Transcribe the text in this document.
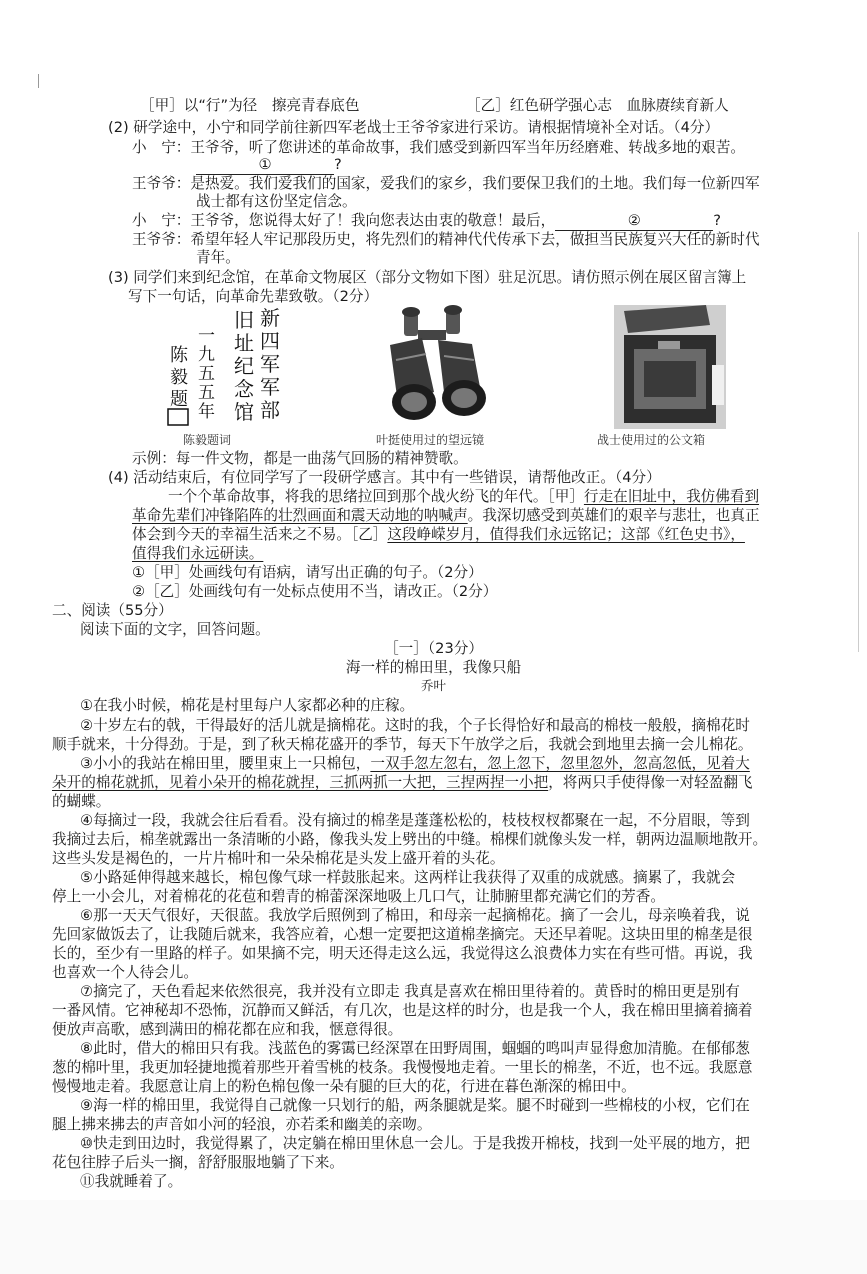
［甲］以“行”为径　擦亮青春底色	［乙］红色研学强心志　血脉赓续育新人
(2) 研学途中，小宁和同学前往新四军老战士王爷爷家进行采访。请根据情境补全对话。（4分）
小　宁：王爷爷，听了您讲述的革命故事，我们感受到新四军当年历经磨难、转战多地的艰苦。
①	?
王爷爷：是热爱。我们爱我们的国家，爱我们的家乡，我们要保卫我们的土地。我们每一位新四军
战士都有这份坚定信念。
小　宁：王爷爷，您说得太好了！我向您表达由衷的敬意！最后，	②	?
王爷爷：希望年轻人牢记那段历史，将先烈们的精神代代传承下去，做担当民族复兴大任的新时代
青年。
(3) 同学们来到纪念馆，在革命文物展区（部分文物如下图）驻足沉思。请仿照示例在展区留言簿上
写下一句话，向革命先辈致敬。（2分）
新
四
军
军
部
旧
址
纪
念
馆
一
九
五
五
年
陈
毅
题
陈毅题词	叶挺使用过的望远镜	战士使用过的公文箱
示例：每一件文物，都是一曲荡气回肠的精神赞歌。
(4) 活动结束后，有位同学写了一段研学感言。其中有一些错误，请帮他改正。（4分）
一个个革命故事，将我的思绪拉回到那个战火纷飞的年代。［甲］行走在旧址中，我仿佛看到
革命先辈们冲锋陷阵的壮烈画面和震天动地的呐喊声。我深切感受到英雄们的艰辛与悲壮，也真正
体会到今天的幸福生活来之不易。［乙］这段峥嵘岁月，值得我们永远铭记；这部《红色史书》，
值得我们永远研读。
①［甲］处画线句有语病，请写出正确的句子。（2分）
②［乙］处画线句有一处标点使用不当，请改正。（2分）
二、阅读（55分）
阅读下面的文字，回答问题。
［一］（23分）
海一样的棉田里，我像只船
乔叶
①在我小时候，棉花是村里每户人家都必种的庄稼。
②十岁左右的戟，干得最好的活儿就是摘棉花。这时的我，个子长得恰好和最高的棉枝一般般，摘棉花时
顺手就来，十分得劲。于是，到了秋天棉花盛开的季节，每天下午放学之后，我就会到地里去摘一会儿棉花。
③小小的我站在棉田里，腰里束上一只棉包，一双手忽左忽右，忽上忽下，忽里忽外，忽高忽低，见着大
朵开的棉花就抓，见着小朵开的棉花就捏，三抓两抓一大把，三捏两捏一小把，将两只手使得像一对轻盈翻飞
的蝴蝶。
④每摘过一段，我就会往后看看。没有摘过的棉垄是蓬蓬松松的，枝枝杈杈都聚在一起，不分眉眼，等到
我摘过去后，棉垄就露出一条清晰的小路，像我头发上劈出的中缝。棉棵们就像头发一样，朝两边温顺地散开。
这些头发是褐色的，一片片棉叶和一朵朵棉花是头发上盛开着的头花。
⑤小路延伸得越来越长，棉包像气球一样鼓胀起来。这两样让我获得了双重的成就感。摘累了，我就会
停上一小会儿，对着棉花的花苞和碧青的棉蕾深深地吸上几口气，让肺腑里都充满它们的芳香。
⑥那一天天气很好，天很蓝。我放学后照例到了棉田，和母亲一起摘棉花。摘了一会儿，母亲唤着我，说
先回家做饭去了，让我随后就来，我答应着，心想一定要把这道棉垄摘完。天还早着呢。这块田里的棉垄是很
长的，至少有一里路的样子。如果摘不完，明天还得走这么远，我觉得这么浪费体力实在有些可惜。再说，我
也喜欢一个人待会儿。
⑦摘完了，天色看起来依然很亮，我并没有立即走 我真是喜欢在棉田里待着的。黄昏时的棉田更是别有
一番风情。它神秘却不恐怖，沉静而又鲜活，有几次，也是这样的时分，也是我一个人，我在棉田里摘着摘着
便放声高歌，感到满田的棉花都在应和我，惬意得很。
⑧此时，借大的棉田只有我。浅蓝色的雾霭已经深罩在田野周围，蝈蝈的鸣叫声显得愈加清脆。在郁郁葱
葱的棉叶里，我更加轻捷地揽着那些开着雪桃的枝条。我慢慢地走着。一里长的棉垄，不近，也不远。我愿意
慢慢地走着。我愿意让肩上的粉色棉包像一朵有腿的巨大的花，行进在暮色渐深的棉田中。
⑨海一样的棉田里，我觉得自己就像一只划行的船，两条腿就是桨。腿不时碰到一些棉枝的小杈，它们在
腿上拂来拂去的声音如小河的轻浪，亦若柔和幽美的亲吻。
⑩快走到田边时，我觉得累了，决定躺在棉田里休息一会儿。于是我拨开棉枝，找到一处平展的地方，把
花包往脖子后头一搁，舒舒服服地躺了下来。
⑪我就睡着了。
